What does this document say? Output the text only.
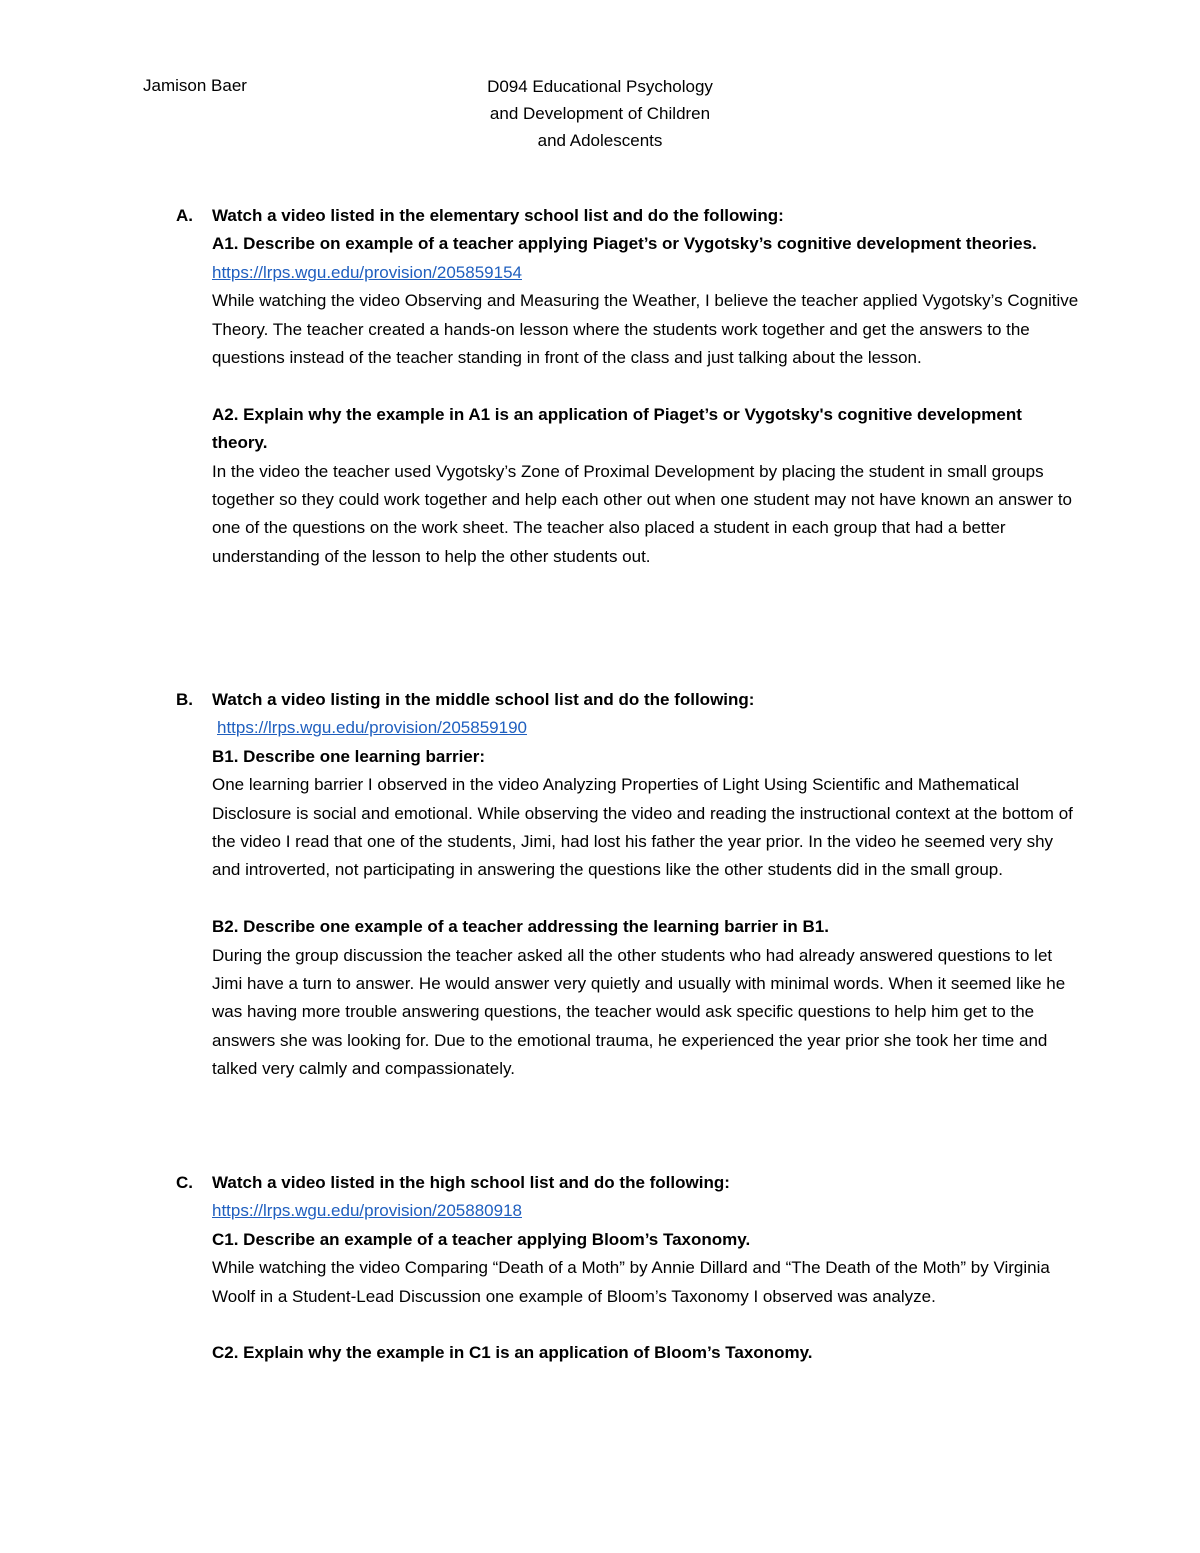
Jamison Baer	D094 Educational Psychology
and Development of Children
and Adolescents
A. Watch a video listed in the elementary school list and do the following:

A1. Describe on example of a teacher applying Piaget’s or Vygotsky’s cognitive development theories.

https://lrps.wgu.edu/provision/205859154

While watching the video Observing and Measuring the Weather, I believe the teacher applied Vygotsky’s Cognitive Theory. The teacher created a hands-on lesson where the students work together and get the answers to the questions instead of the teacher standing in front of the class and just talking about the lesson.

A2. Explain why the example in A1 is an application of Piaget’s or Vygotsky's cognitive development theory.

In the video the teacher used Vygotsky’s Zone of Proximal Development by placing the student in small groups together so they could work together and help each other out when one student may not have known an answer to one of the questions on the work sheet. The teacher also placed a student in each group that had a better understanding of the lesson to help the other students out.

B. Watch a video listing in the middle school list and do the following:

https://lrps.wgu.edu/provision/205859190

B1. Describe one learning barrier:

One learning barrier I observed in the video Analyzing Properties of Light Using Scientific and Mathematical Disclosure is social and emotional. While observing the video and reading the instructional context at the bottom of the video I read that one of the students, Jimi, had lost his father the year prior. In the video he seemed very shy and introverted, not participating in answering the questions like the other students did in the small group.

B2. Describe one example of a teacher addressing the learning barrier in B1.

During the group discussion the teacher asked all the other students who had already answered questions to let Jimi have a turn to answer. He would answer very quietly and usually with minimal words. When it seemed like he was having more trouble answering questions, the teacher would ask specific questions to help him get to the answers she was looking for. Due to the emotional trauma, he experienced the year prior she took her time and talked very calmly and compassionately.

C. Watch a video listed in the high school list and do the following:

https://lrps.wgu.edu/provision/205880918

C1. Describe an example of a teacher applying Bloom’s Taxonomy.

While watching the video Comparing “Death of a Moth” by Annie Dillard and “The Death of the Moth” by Virginia Woolf in a Student-Lead Discussion one example of Bloom’s Taxonomy I observed was analyze.

C2. Explain why the example in C1 is an application of Bloom’s Taxonomy.
